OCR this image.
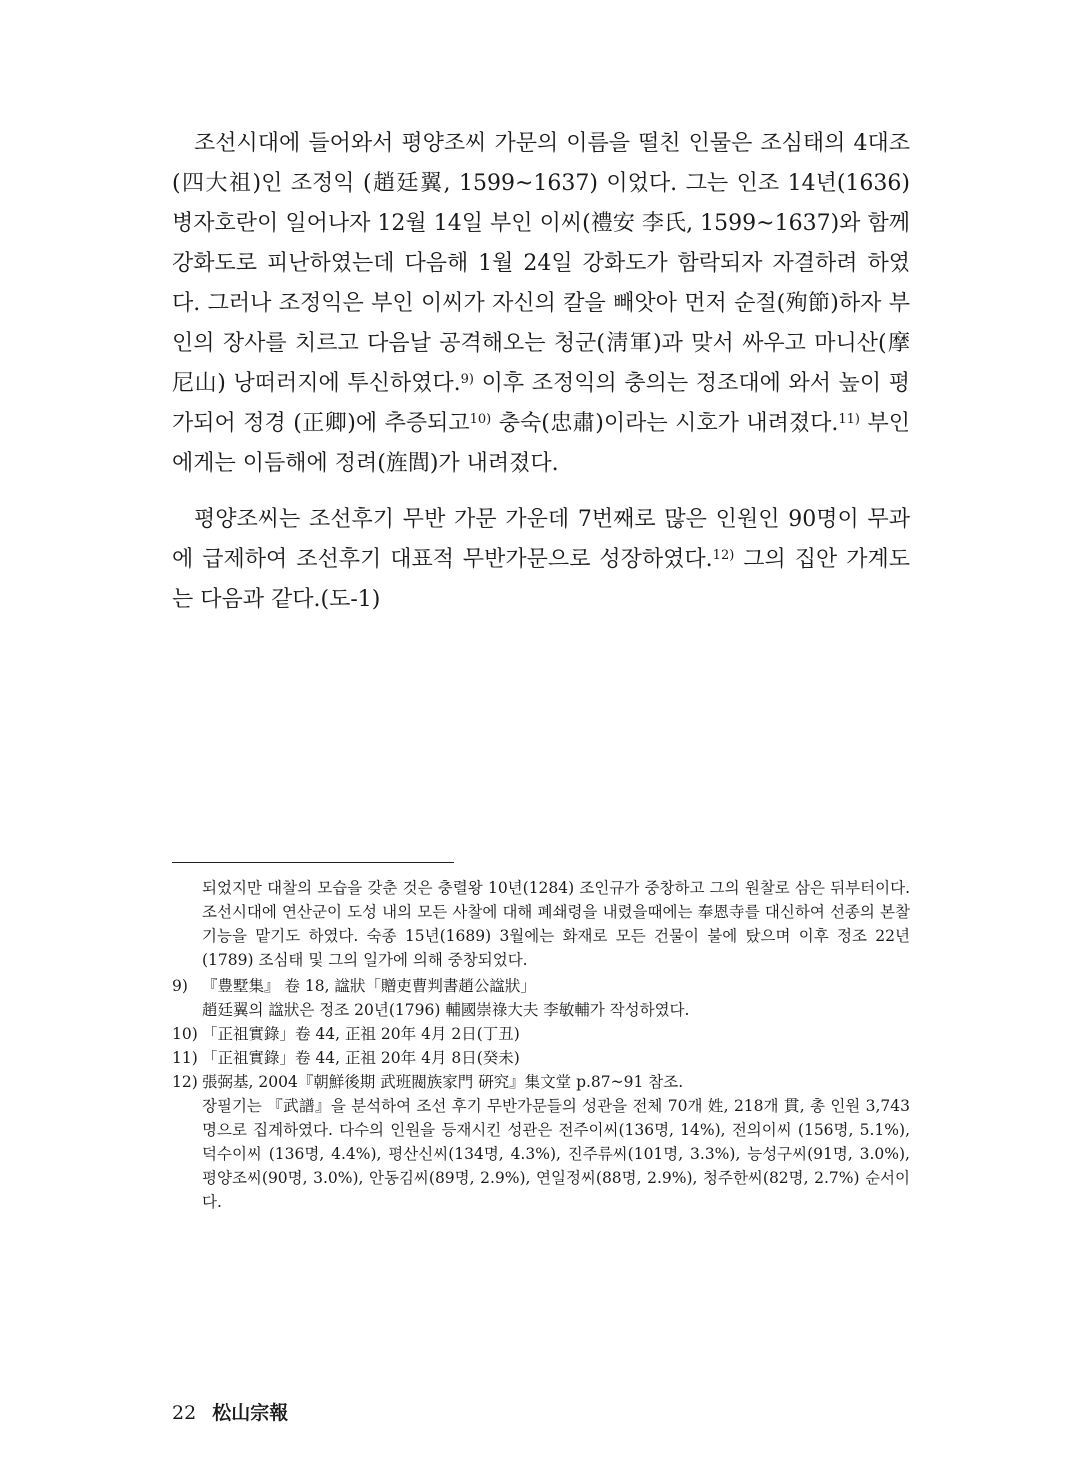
조선시대에 들어와서 평양조씨 가문의 이름을 떨친 인물은 조심태의 4대조(四大祖)인 조정익 (趙廷翼, 1599~1637) 이었다. 그는 인조 14년(1636) 병자호란이 일어나자 12월 14일 부인 이씨(禮安 李氏, 1599~1637)와 함께 강화도로 피난하였는데 다음해 1월 24일 강화도가 함락되자 자결하려 하였다. 그러나 조정익은 부인 이씨가 자신의 칼을 빼앗아 먼저 순절(殉節)하자 부인의 장사를 치르고 다음날 공격해오는 청군(淸軍)과 맞서 싸우고 마니산(摩尼山) 낭떠러지에 투신하였다.$^{9)}$ 이후 조정익의 충의는 정조대에 와서 높이 평가되어 정경 (正卿)에 추증되고$^{10)}$ 충숙(忠肅)이라는 시호가 내려졌다.$^{11)}$ 부인에게는 이듬해에 정려(旌閭)가 내려졌다.

평양조씨는 조선후기 무반 가문 가운데 7번째로 많은 인원인 90명이 무과에 급제하여 조선후기 대표적 무반가문으로 성장하였다.$^{12)}$ 그의 집안 가계도는 다음과 같다.(도-1)

되었지만 대찰의 모습을 갖춘 것은 충렬왕 10년(1284) 조인규가 중창하고 그의 원찰로 삼은 뒤부터이다. 조선시대에 연산군이 도성 내의 모든 사찰에 대해 폐쇄령을 내렸을때에는 奉恩寺를 대신하여 선종의 본찰 기능을 맡기도 하였다. 숙종 15년(1689) 3월에는 화재로 모든 건물이 불에 탔으며 이후 정조 22년(1789) 조심태 및 그의 일가에 의해 중창되었다.

9) 『豊墅集』 卷 18, 諡狀「贈吏曹判書趙公諡狀」

趙廷翼의 諡狀은 정조 20년(1796) 輔國崇祿大夫 李敏輔가 작성하였다.

10) 「正祖實錄」卷 44, 正祖 20年 4月 2日(丁丑)
11) 「正祖實錄」卷 44, 正祖 20年 4月 8日(癸未)
12) 張弼基, 2004『朝鮮後期 武班閥族家門 硏究』集文堂 p.87~91 참조.

장필기는 『武譜』을 분석하여 조선 후기 무반가문들의 성관을 전체 70개 姓, 218개 貫, 총 인원 3,743명으로 집계하였다. 다수의 인원을 등재시킨 성관은 전주이씨(136명, 14%), 전의이씨 (156명, 5.1%), 덕수이씨 (136명, 4.4%), 평산신씨(134명, 4.3%), 진주류씨(101명, 3.3%), 능성구씨(91명, 3.0%), 평양조씨(90명, 3.0%), 안동김씨(89명, 2.9%), 연일정씨(88명, 2.9%), 청주한씨(82명, 2.7%) 순서이다.

22 松山宗報
